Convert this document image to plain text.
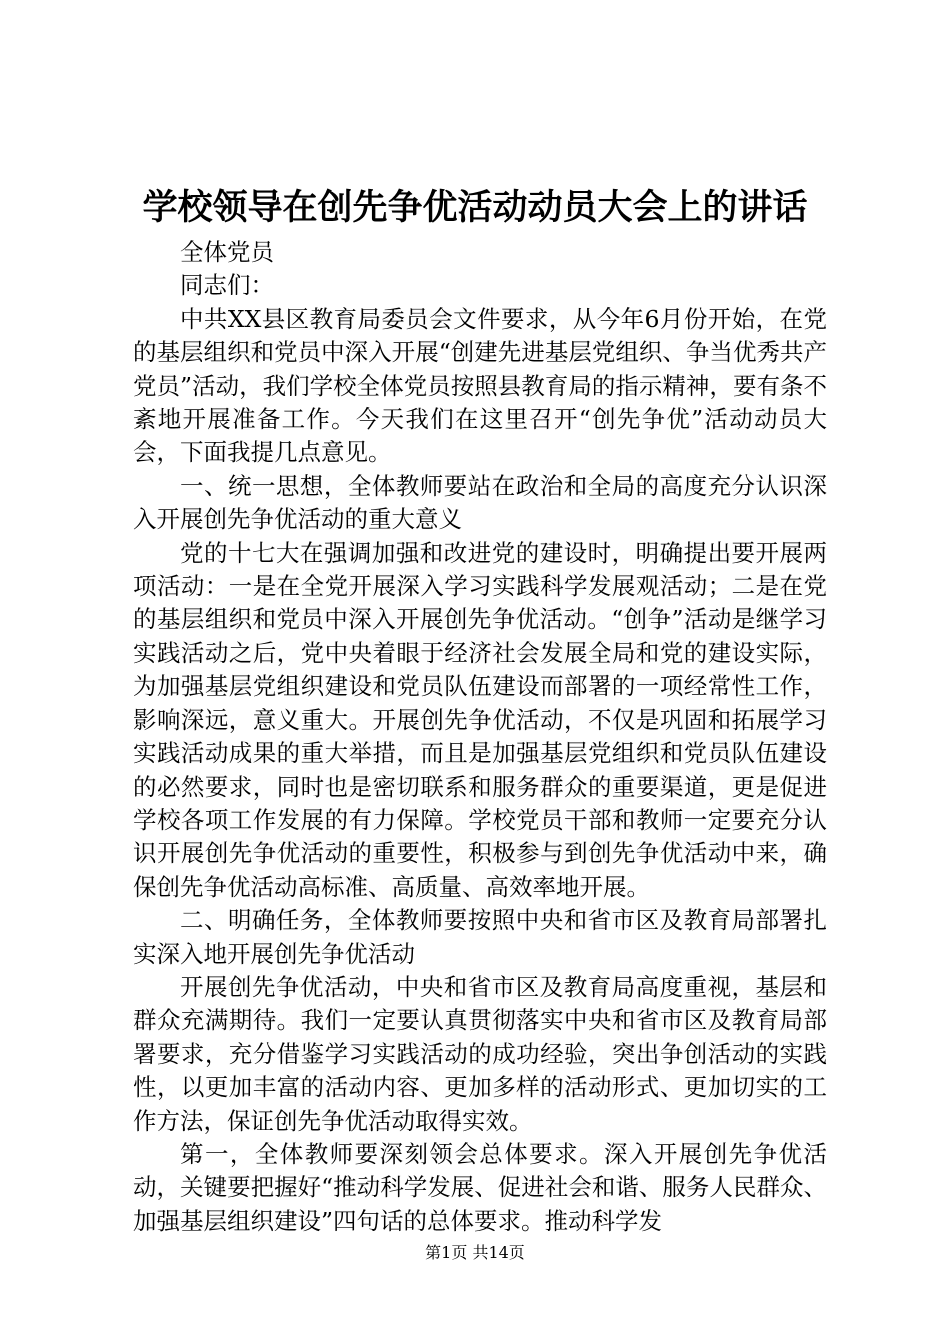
学校领导在创先争优活动动员大会上的讲话

全体党员

同志们：

中共XX县区教育局委员会文件要求，从今年6月份开始，在党的基层组织和党员中深入开展“创建先进基层党组织、争当优秀共产党员”活动，我们学校全体党员按照县教育局的指示精神，要有条不紊地开展准备工作。今天我们在这里召开“创先争优”活动动员大会，下面我提几点意见。

一、统一思想，全体教师要站在政治和全局的高度充分认识深入开展创先争优活动的重大意义

党的十七大在强调加强和改进党的建设时，明确提出要开展两项活动：一是在全党开展深入学习实践科学发展观活动；二是在党的基层组织和党员中深入开展创先争优活动。“创争”活动是继学习实践活动之后，党中央着眼于经济社会发展全局和党的建设实际，为加强基层党组织建设和党员队伍建设而部署的一项经常性工作，影响深远，意义重大。开展创先争优活动，不仅是巩固和拓展学习实践活动成果的重大举措，而且是加强基层党组织和党员队伍建设的必然要求，同时也是密切联系和服务群众的重要渠道，更是促进学校各项工作发展的有力保障。学校党员干部和教师一定要充分认识开展创先争优活动的重要性，积极参与到创先争优活动中来，确保创先争优活动高标准、高质量、高效率地开展。

二、明确任务，全体教师要按照中央和省市区及教育局部署扎实深入地开展创先争优活动

开展创先争优活动，中央和省市区及教育局高度重视，基层和群众充满期待。我们一定要认真贯彻落实中央和省市区及教育局部署要求，充分借鉴学习实践活动的成功经验，突出争创活动的实践性，以更加丰富的活动内容、更加多样的活动形式、更加切实的工作方法，保证创先争优活动取得实效。

第一，全体教师要深刻领会总体要求。深入开展创先争优活动，关键要把握好“推动科学发展、促进社会和谐、服务人民群众、加强基层组织建设”四句话的总体要求。推动科学发

第1页 共14页
